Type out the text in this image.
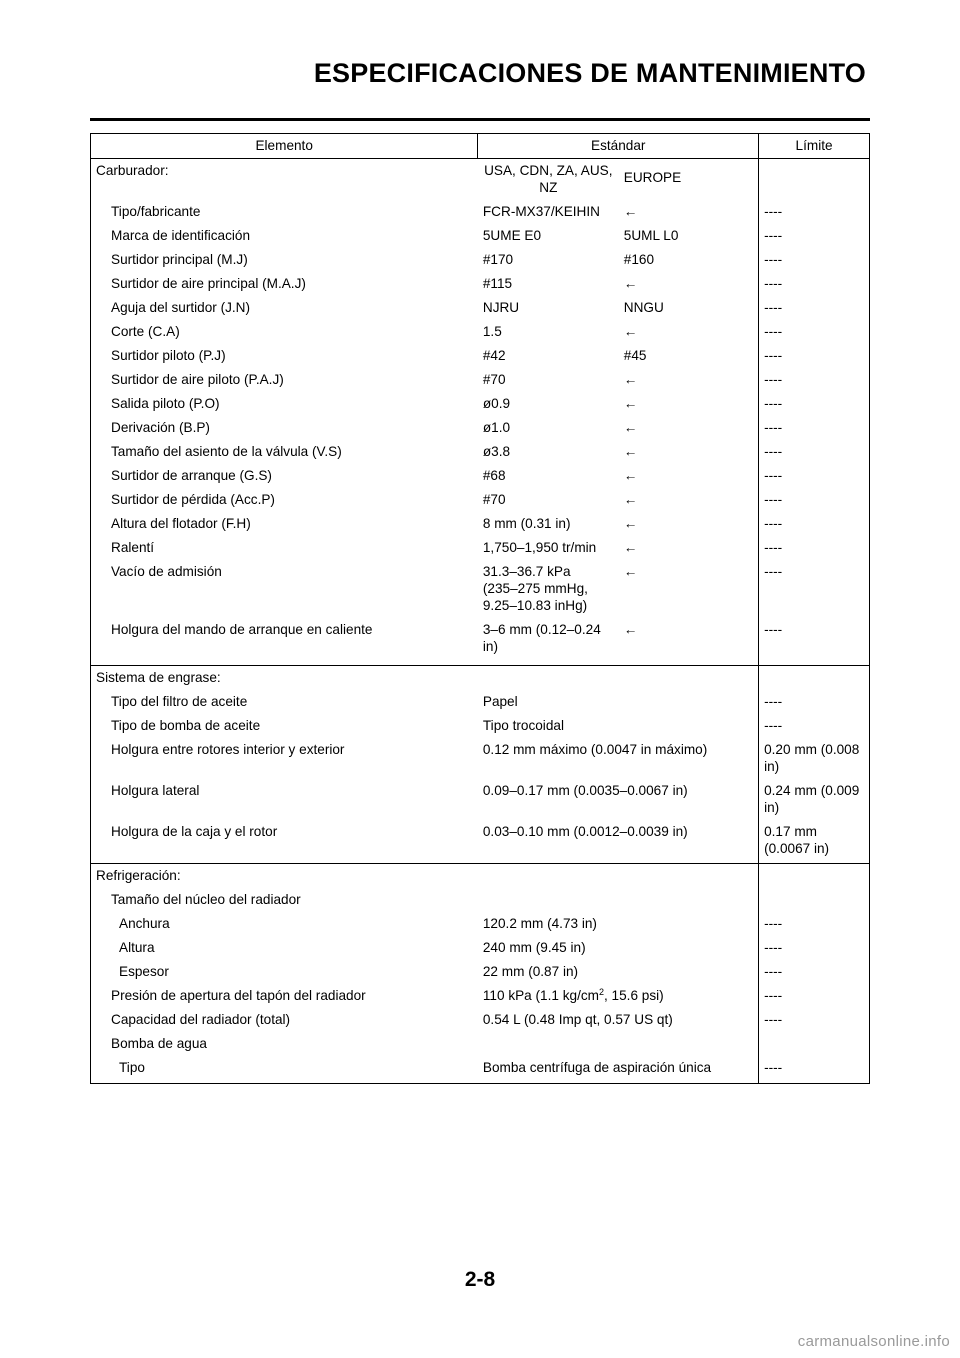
ESPECIFICACIONES DE MANTENIMIENTO
Elemento	Estándar		Límite
Carburador:	USA, CDN, ZA, AUS, NZ	EUROPE	
Tipo/fabricante	FCR-MX37/KEIHIN	←	----
Marca de identificación	5UME E0	5UML L0	----
Surtidor principal (M.J)	#170	#160	----
Surtidor de aire principal (M.A.J)	#115	←	----
Aguja del surtidor (J.N)	NJRU	NNGU	----
Corte (C.A)	1.5	←	----
Surtidor piloto (P.J)	#42	#45	----
Surtidor de aire piloto (P.A.J)	#70	←	----
Salida piloto (P.O)	ø0.9	←	----
Derivación (B.P)	ø1.0	←	----
Tamaño del asiento de la válvula (V.S)	ø3.8	←	----
Surtidor de arranque (G.S)	#68	←	----
Surtidor de pérdida (Acc.P)	#70	←	----
Altura del flotador (F.H)	8 mm (0.31 in)	←	----
Ralentí	1,750–1,950 tr/min	←	----
Vacío de admisión	31.3–36.7 kPa
(235–275 mmHg,
9.25–10.83 inHg)	←	----
Holgura del mando de arranque en caliente	3–6 mm (0.12–0.24
in)	←	----
Sistema de engrase:			
Tipo del filtro de aceite	Papel		----
Tipo de bomba de aceite	Tipo trocoidal		----
Holgura entre rotores interior y exterior	0.12 mm máximo (0.0047 in máximo)		0.20 mm (0.008
in)
Holgura lateral	0.09–0.17 mm (0.0035–0.0067 in)		0.24 mm (0.009
in)
Holgura de la caja y el rotor	0.03–0.10 mm (0.0012–0.0039 in)		0.17 mm
(0.0067 in)
Refrigeración:			
Tamaño del núcleo del radiador			
Anchura	120.2 mm (4.73 in)		----
Altura	240 mm (9.45 in)		----
Espesor	22 mm (0.87 in)		----
Presión de apertura del tapón del radiador	110 kPa (1.1 $kg/cm^2$, 15.6 psi)		----
Capacidad del radiador (total)	0.54 L (0.48 Imp qt, 0.57 US qt)		----
Bomba de agua			
Tipo	Bomba centrífuga de aspiración única		----
2-8
carmanualsonline.info
